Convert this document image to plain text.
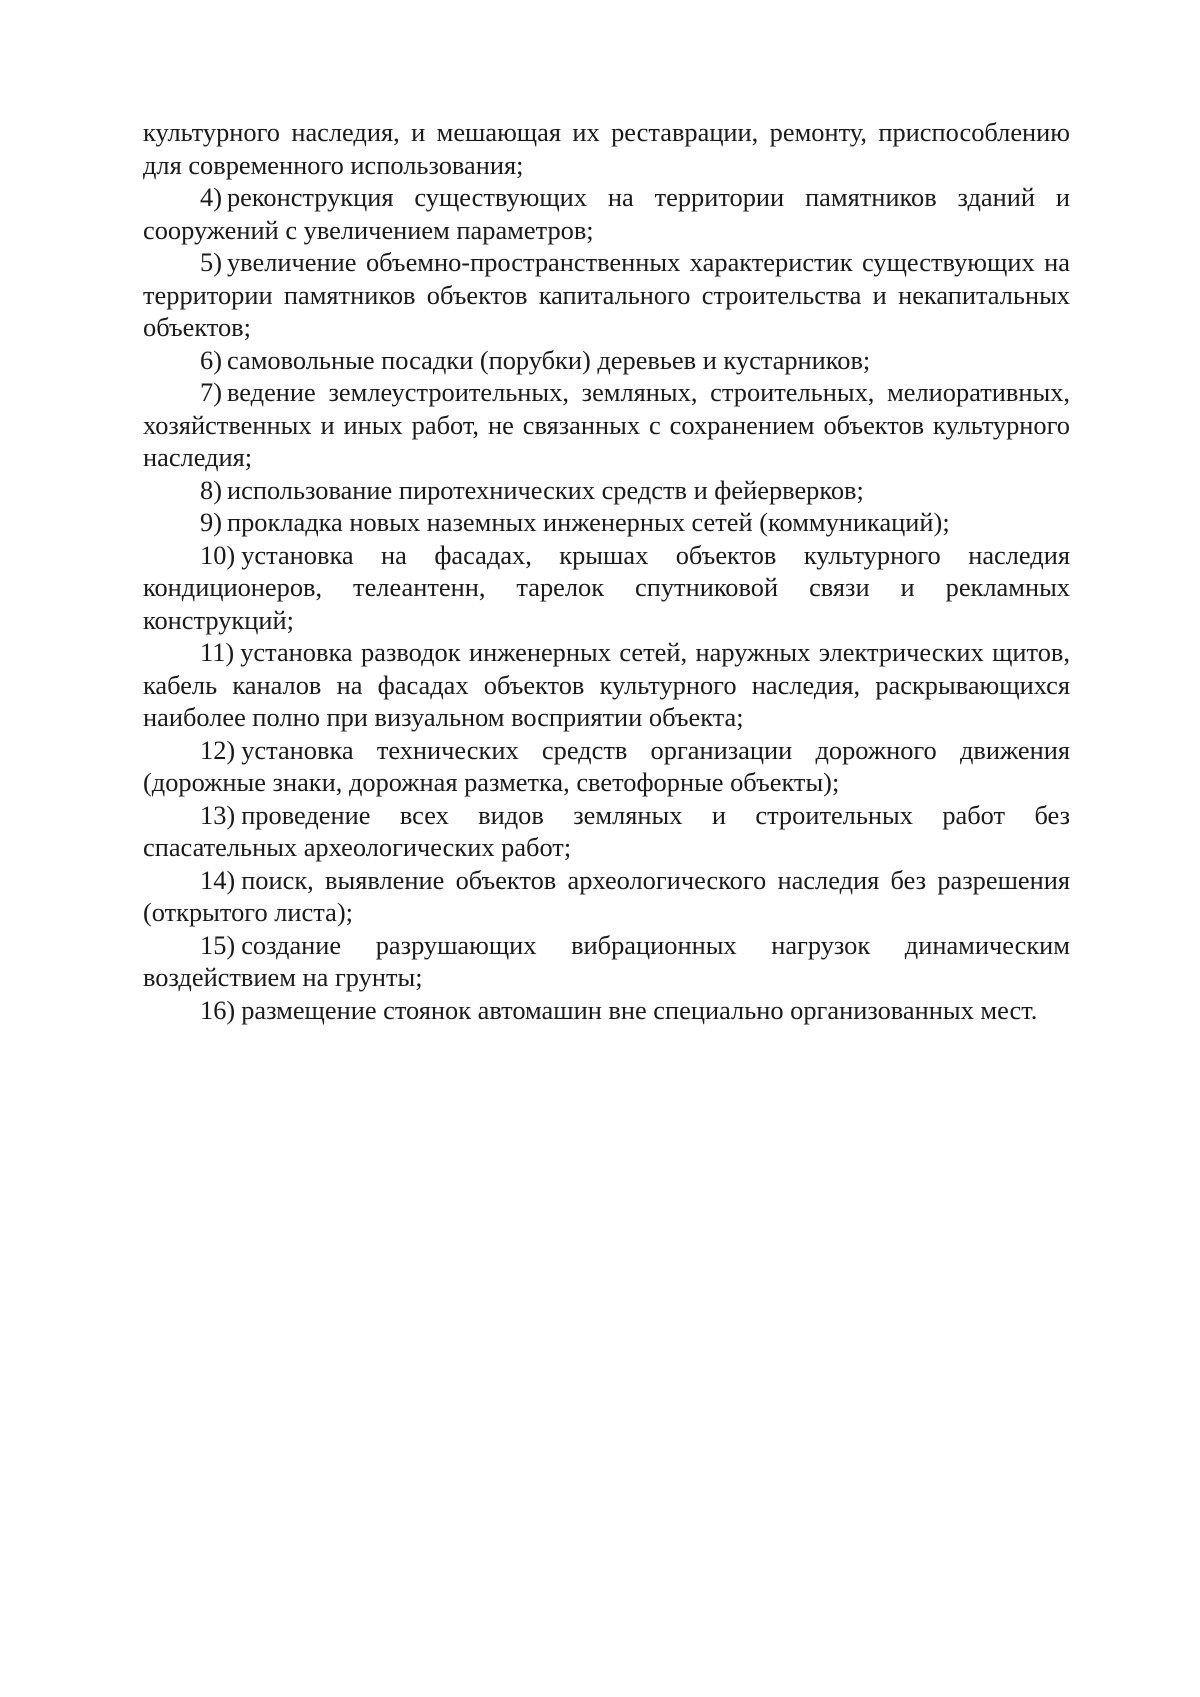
культурного наследия, и мешающая их реставрации, ремонту, приспособлению для современного использования;

4) реконструкция существующих на территории памятников зданий и сооружений с увеличением параметров;

5) увеличение объемно-пространственных характеристик существующих на территории памятников объектов капитального строительства и некапитальных объектов;

6) самовольные посадки (порубки) деревьев и кустарников;

7) ведение землеустроительных, земляных, строительных, мелиоративных, хозяйственных и иных работ, не связанных с сохранением объектов культурного наследия;

8) использование пиротехнических средств и фейерверков;

9) прокладка новых наземных инженерных сетей (коммуникаций);

10) установка на фасадах, крышах объектов культурного наследия кондиционеров, телеантенн, тарелок спутниковой связи и рекламных конструкций;

11) установка разводок инженерных сетей, наружных электрических щитов, кабель каналов на фасадах объектов культурного наследия, раскрывающихся наиболее полно при визуальном восприятии объекта;

12) установка технических средств организации дорожного движения (дорожные знаки, дорожная разметка, светофорные объекты);

13) проведение всех видов земляных и строительных работ без спасательных археологических работ;

14) поиск, выявление объектов археологического наследия без разрешения (открытого листа);

15) создание разрушающих вибрационных нагрузок динамическим воздействием на грунты;

16) размещение стоянок автомашин вне специально организованных мест.
